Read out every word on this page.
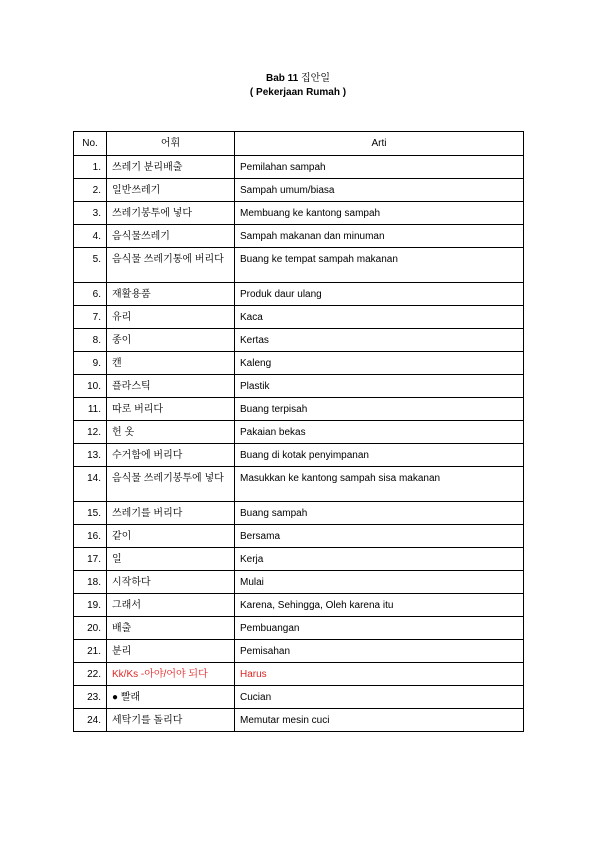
Bab 11 집안일
( Pekerjaan Rumah )
No.	어휘	Arti
1.	쓰레기 분리배출	Pemilahan sampah
2.	일반쓰레기	Sampah umum/biasa
3.	쓰레기봉투에 넣다	Membuang ke kantong sampah
4.	음식물쓰레기	Sampah makanan dan minuman
5.	음식물 쓰레기통에 버리다	Buang ke tempat sampah makanan
6.	재활용품	Produk daur ulang
7.	유리	Kaca
8.	종이	Kertas
9.	캔	Kaleng
10.	플라스틱	Plastik
11.	따로 버리다	Buang terpisah
12.	헌 옷	Pakaian bekas
13.	수거함에 버리다	Buang di kotak penyimpanan
14.	음식물 쓰레기봉투에 넣다	Masukkan ke kantong sampah sisa makanan
15.	쓰레기를 버리다	Buang sampah
16.	같이	Bersama
17.	일	Kerja
18.	시작하다	Mulai
19.	그래서	Karena, Sehingga, Oleh karena itu
20.	배출	Pembuangan
21.	분리	Pemisahan
22.	Kk/Ks -아야/어야 되다	Harus
23.	● 빨래	Cucian
24.	세탁기를 돌리다	Memutar mesin cuci
